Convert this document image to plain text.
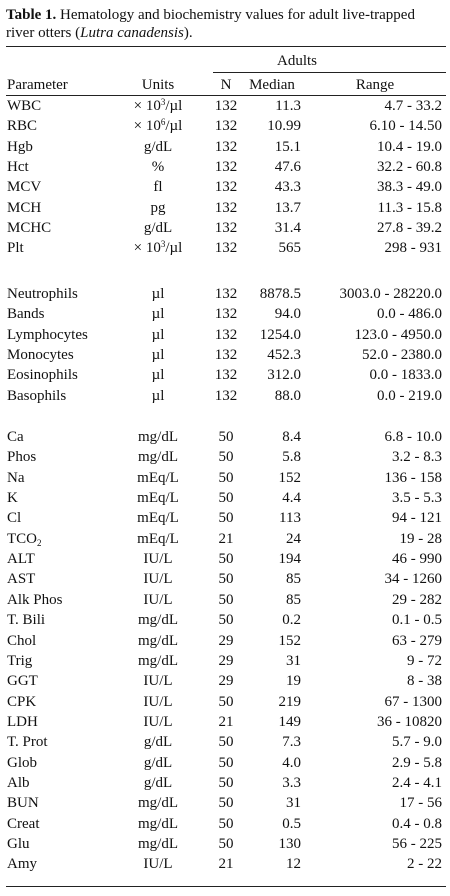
Table 1. Hematology and biochemistry values for adult live-trapped river otters (Lutra canadensis).
Adults
Parameter	Units	N Median	Range
WBC	× $10^3/\mu l$	132	11.3	4.7 - 33.2
RBC	× $10^6/\mu l$	132	10.99	6.10 - 14.50
Hgb	g/dL	132	15.1	10.4 - 19.0
Hct	%	132	47.6	32.2 - 60.8
MCV	fl	132	43.3	38.3 - 49.0
MCH	pg	132	13.7	11.3 - 15.8
MCHC	g/dL	132	31.4	27.8 - 39.2
Plt	× $10^3/\mu l$	132	565	298 - 931
Neutrophils	µl	132	8878.5	3003.0 - 28220.0
Bands	µl	132	94.0	0.0 - 486.0
Lymphocytes	µl	132	1254.0	123.0 - 4950.0
Monocytes	µl	132	452.3	52.0 - 2380.0
Eosinophils	µl	132	312.0	0.0 - 1833.0
Basophils	µl	132	88.0	0.0 - 219.0
Ca	mg/dL	50	8.4	6.8 - 10.0
Phos	mg/dL	50	5.8	3.2 - 8.3
Na	mEq/L	50	152	136 - 158
K	mEq/L	50	4.4	3.5 - 5.3
Cl	mEq/L	50	113	94 - 121
$TCO_2$	mEq/L	21	24	19 - 28
ALT	IU/L	50	194	46 - 990
AST	IU/L	50	85	34 - 1260
Alk Phos	IU/L	50	85	29 - 282
T. Bili	mg/dL	50	0.2	0.1 - 0.5
Chol	mg/dL	29	152	63 - 279
Trig	mg/dL	29	31	9 - 72
GGT	IU/L	29	19	8 - 38
CPK	IU/L	50	219	67 - 1300
LDH	IU/L	21	149	36 - 10820
T. Prot	g/dL	50	7.3	5.7 - 9.0
Glob	g/dL	50	4.0	2.9 - 5.8
Alb	g/dL	50	3.3	2.4 - 4.1
BUN	mg/dL	50	31	17 - 56
Creat	mg/dL	50	0.5	0.4 - 0.8
Glu	mg/dL	50	130	56 - 225
Amy	IU/L	21	12	2 - 22
